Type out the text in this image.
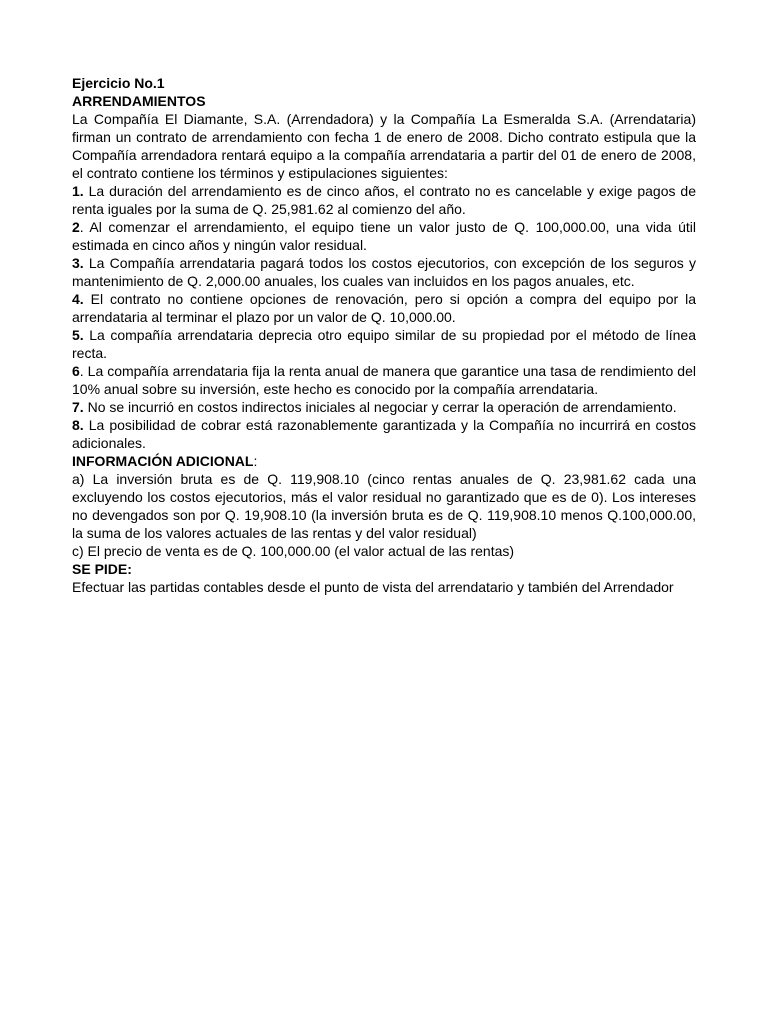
Ejercicio No.1

ARRENDAMIENTOS

La Compañía El Diamante, S.A. (Arrendadora) y la Compañía La Esmeralda S.A. (Arrendataria) firman un contrato de arrendamiento con fecha 1 de enero de 2008. Dicho contrato estipula que la Compañía arrendadora rentará equipo a la compañía arrendataria a partir del 01 de enero de 2008, el contrato contiene los términos y estipulaciones siguientes:

1. La duración del arrendamiento es de cinco años, el contrato no es cancelable y exige pagos de renta iguales por la suma de Q. 25,981.62 al comienzo del año.

2. Al comenzar el arrendamiento, el equipo tiene un valor justo de Q. 100,000.00, una vida útil estimada en cinco años y ningún valor residual.

3. La Compañía arrendataria pagará todos los costos ejecutorios, con excepción de los seguros y mantenimiento de Q. 2,000.00 anuales, los cuales van incluidos en los pagos anuales, etc.

4. El contrato no contiene opciones de renovación, pero si opción a compra del equipo por la arrendataria al terminar el plazo por un valor de Q. 10,000.00.

5. La compañía arrendataria deprecia otro equipo similar de su propiedad por el método de línea recta.

6. La compañía arrendataria fija la renta anual de manera que garantice una tasa de rendimiento del 10% anual sobre su inversión, este hecho es conocido por la compañía arrendataria.

7. No se incurrió en costos indirectos iniciales al negociar y cerrar la operación de arrendamiento.

8. La posibilidad de cobrar está razonablemente garantizada y la Compañía no incurrirá en costos adicionales.

INFORMACIÓN ADICIONAL:

a) La inversión bruta es de Q. 119,908.10 (cinco rentas anuales de Q. 23,981.62 cada una excluyendo los costos ejecutorios, más el valor residual no garantizado que es de 0). Los intereses no devengados son por Q. 19,908.10 (la inversión bruta es de Q. 119,908.10 menos Q.100,000.00, la suma de los valores actuales de las rentas y del valor residual)

c) El precio de venta es de Q. 100,000.00 (el valor actual de las rentas)

SE PIDE:

Efectuar las partidas contables desde el punto de vista del arrendatario y también del Arrendador
